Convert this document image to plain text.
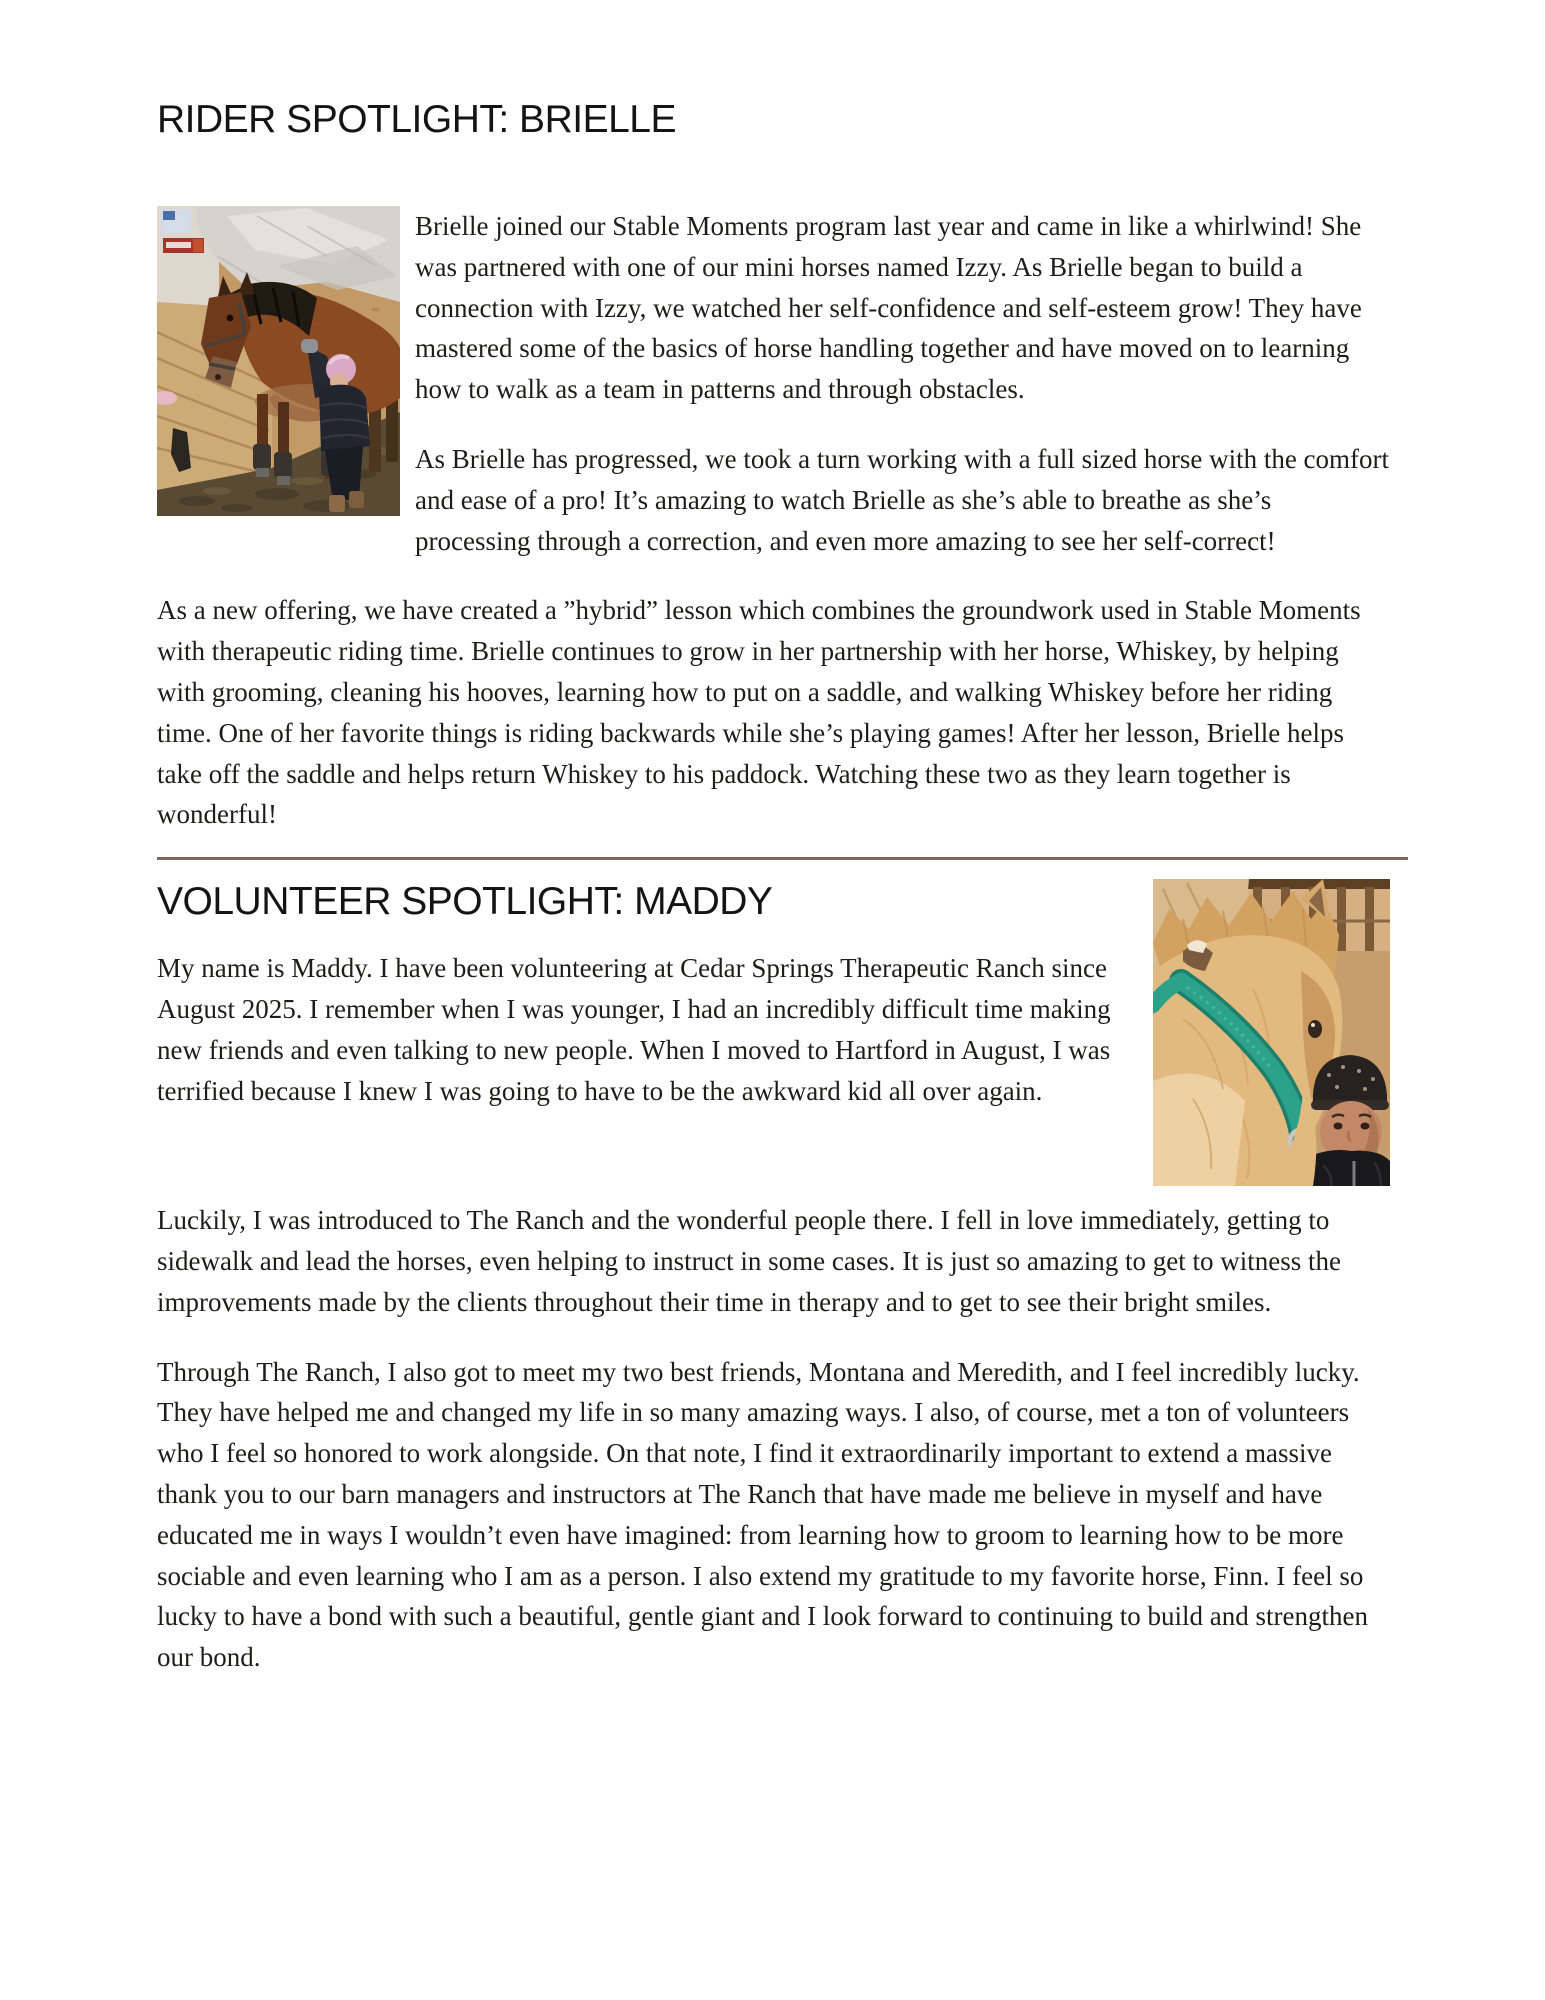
RIDER SPOTLIGHT: BRIELLE

Brielle joined our Stable Moments program last year and came in like a whirlwind! She was partnered with one of our mini horses named Izzy. As Brielle began to build a connection with Izzy, we watched her self-confidence and self-esteem grow! They have mastered some of the basics of horse handling together and have moved on to learning how to walk as a team in patterns and through obstacles.

As Brielle has progressed, we took a turn working with a full sized horse with the comfort and ease of a pro! It’s amazing to watch Brielle as she’s able to breathe as she’s processing through a correction, and even more amazing to see her self-correct!

As a new offering, we have created a ”hybrid” lesson which combines the groundwork used in Stable Moments with therapeutic riding time. Brielle continues to grow in her partnership with her horse, Whiskey, by helping with grooming, cleaning his hooves, learning how to put on a saddle, and walking Whiskey before her riding time. One of her favorite things is riding backwards while she’s playing games! After her lesson, Brielle helps take off the saddle and helps return Whiskey to his paddock. Watching these two as they learn together is wonderful!

VOLUNTEER SPOTLIGHT: MADDY

My name is Maddy. I have been volunteering at Cedar Springs Therapeutic Ranch since August 2025. I remember when I was younger, I had an incredibly difficult time making new friends and even talking to new people. When I moved to Hartford in August, I was terrified because I knew I was going to have to be the awkward kid all over again.

Luckily, I was introduced to The Ranch and the wonderful people there. I fell in love immediately, getting to sidewalk and lead the horses, even helping to instruct in some cases. It is just so amazing to get to witness the improvements made by the clients throughout their time in therapy and to get to see their bright smiles.

Through The Ranch, I also got to meet my two best friends, Montana and Meredith, and I feel incredibly lucky. They have helped me and changed my life in so many amazing ways. I also, of course, met a ton of volunteers who I feel so honored to work alongside. On that note, I find it extraordinarily important to extend a massive thank you to our barn managers and instructors at The Ranch that have made me believe in myself and have educated me in ways I wouldn’t even have imagined: from learning how to groom to learning how to be more sociable and even learning who I am as a person. I also extend my gratitude to my favorite horse, Finn. I feel so lucky to have a bond with such a beautiful, gentle giant and I look forward to continuing to build and strengthen our bond.
